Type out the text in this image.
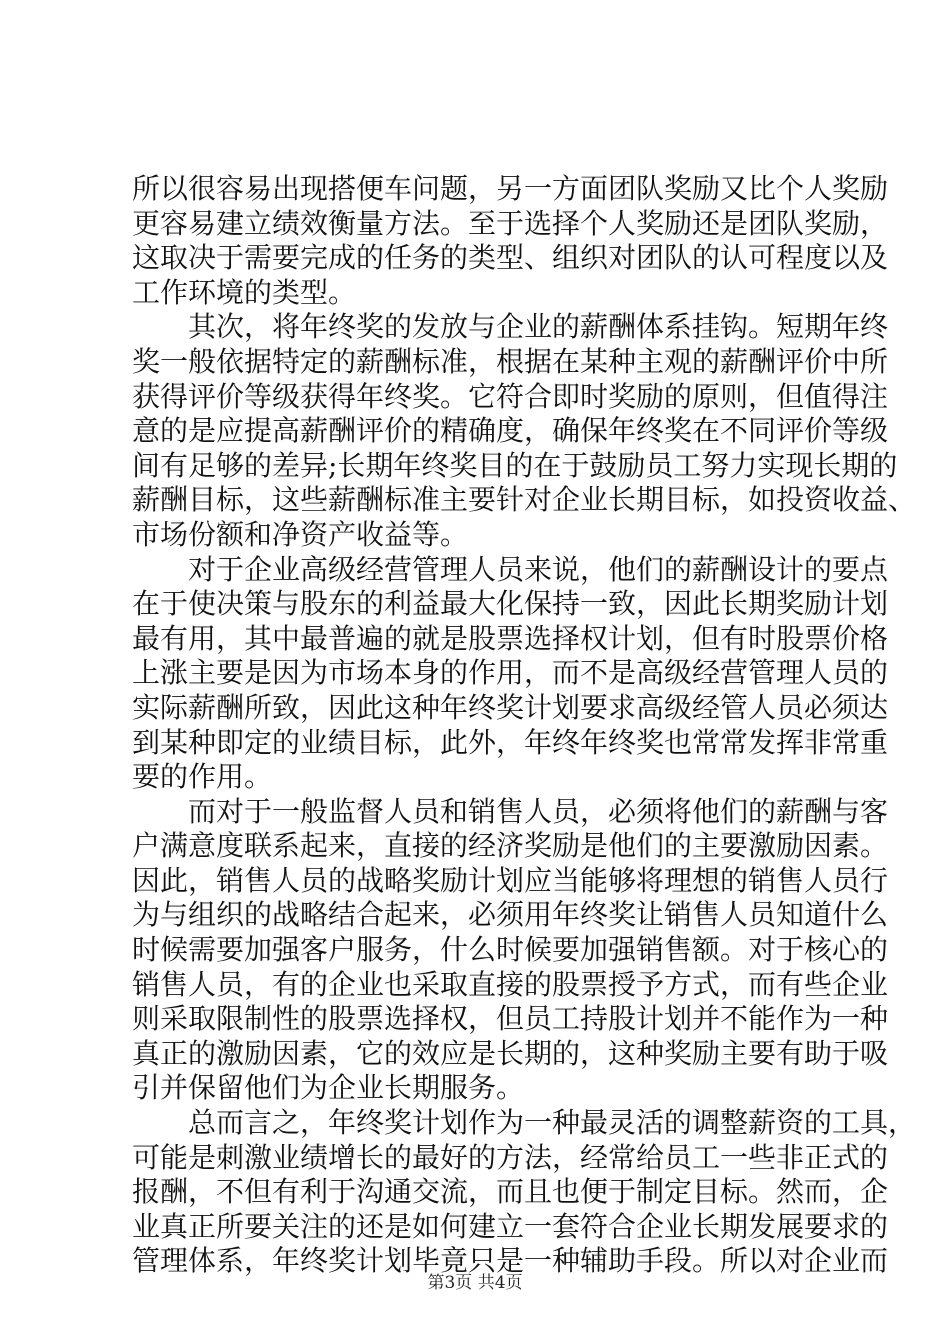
所以很容易出现搭便车问题，另一方面团队奖励又比个人奖励
更容易建立绩效衡量方法。至于选择个人奖励还是团队奖励，
这取决于需要完成的任务的类型、组织对团队的认可程度以及
工作环境的类型。
其次，将年终奖的发放与企业的薪酬体系挂钩。短期年终
奖一般依据特定的薪酬标准，根据在某种主观的薪酬评价中所
获得评价等级获得年终奖。它符合即时奖励的原则，但值得注
意的是应提高薪酬评价的精确度，确保年终奖在不同评价等级
间有足够的差异;长期年终奖目的在于鼓励员工努力实现长期的
薪酬目标，这些薪酬标准主要针对企业长期目标，如投资收益、
市场份额和净资产收益等。
对于企业高级经营管理人员来说，他们的薪酬设计的要点
在于使决策与股东的利益最大化保持一致，因此长期奖励计划
最有用，其中最普遍的就是股票选择权计划，但有时股票价格
上涨主要是因为市场本身的作用，而不是高级经营管理人员的
实际薪酬所致，因此这种年终奖计划要求高级经管人员必须达
到某种即定的业绩目标，此外，年终年终奖也常常发挥非常重
要的作用。
而对于一般监督人员和销售人员，必须将他们的薪酬与客
户满意度联系起来，直接的经济奖励是他们的主要激励因素。
因此，销售人员的战略奖励计划应当能够将理想的销售人员行
为与组织的战略结合起来，必须用年终奖让销售人员知道什么
时候需要加强客户服务，什么时候要加强销售额。对于核心的
销售人员，有的企业也采取直接的股票授予方式，而有些企业
则采取限制性的股票选择权，但员工持股计划并不能作为一种
真正的激励因素，它的效应是长期的，这种奖励主要有助于吸
引并保留他们为企业长期服务。
总而言之，年终奖计划作为一种最灵活的调整薪资的工具，
可能是刺激业绩增长的最好的方法，经常给员工一些非正式的
报酬，不但有利于沟通交流，而且也便于制定目标。然而，企
业真正所要关注的还是如何建立一套符合企业长期发展要求的
管理体系，年终奖计划毕竟只是一种辅助手段。所以对企业而
第3页 共4页
